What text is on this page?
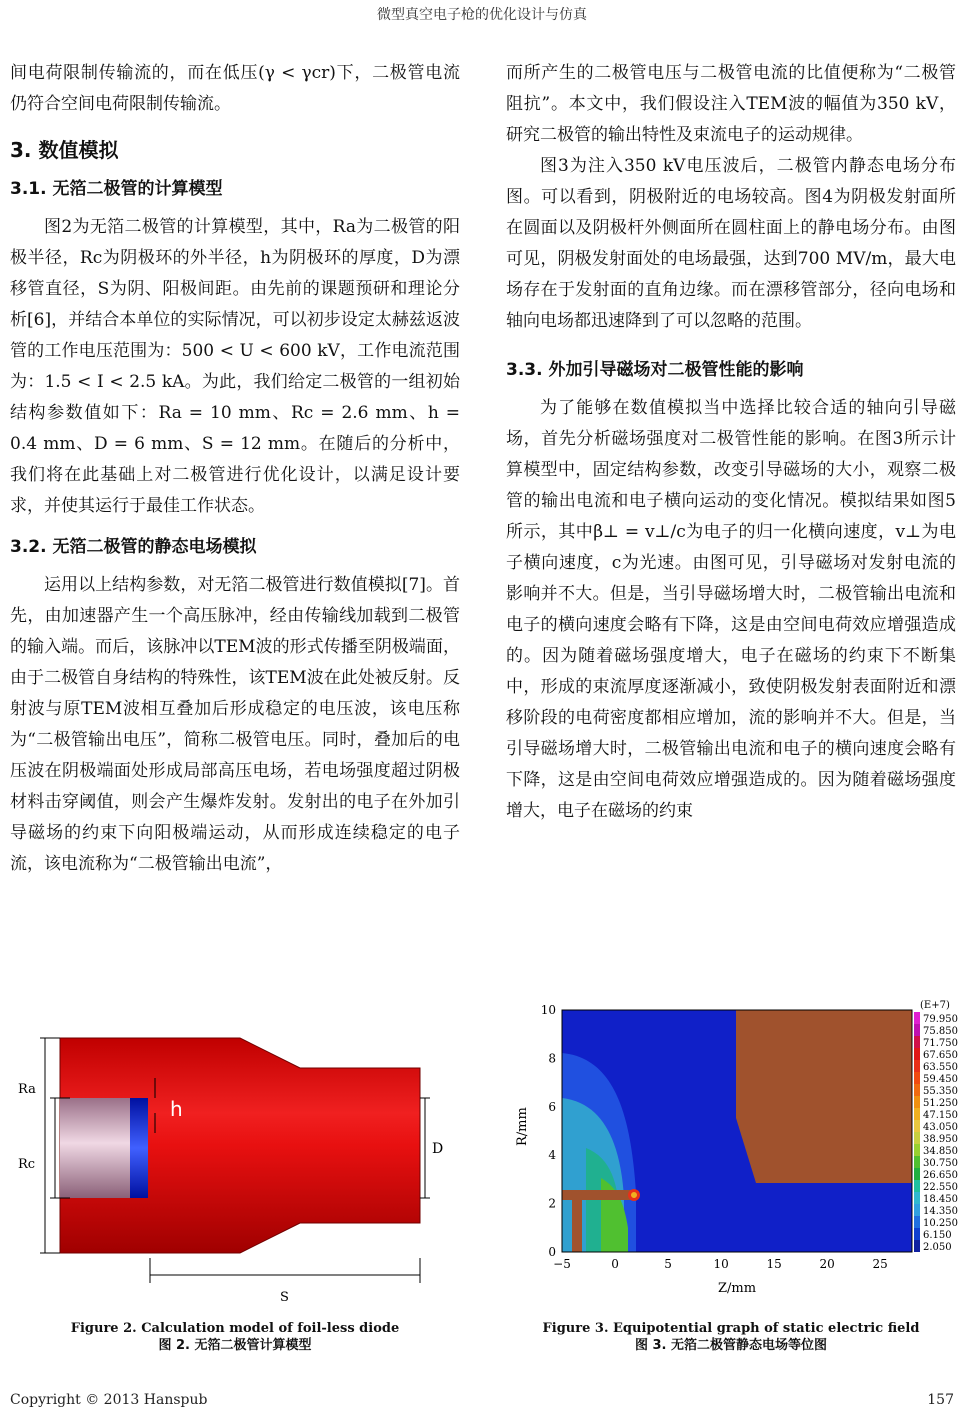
微型真空电子枪的优化设计与仿真

间电荷限制传输流的，而在低压(γ < γcr)下，二极管电流仍符合空间电荷限制传输流。

3. 数值模拟
3.1. 无箔二极管的计算模型

图2为无箔二极管的计算模型，其中，Ra为二极管的阳极半径，Rc为阴极环的外半径，h为阴极环的厚度，D为漂移管直径，S为阴、阳极间距。由先前的课题预研和理论分析[6]，并结合本单位的实际情况，可以初步设定太赫兹返波管的工作电压范围为：500 < U < 600 kV，工作电流范围为：1.5 < I < 2.5 kA。为此，我们给定二极管的一组初始结构参数值如下：Ra = 10 mm、Rc = 2.6 mm、h = 0.4 mm、D = 6 mm、S = 12 mm。在随后的分析中，我们将在此基础上对二极管进行优化设计，以满足设计要求，并使其运行于最佳工作状态。

3.2. 无箔二极管的静态电场模拟

运用以上结构参数，对无箔二极管进行数值模拟[7]。首先，由加速器产生一个高压脉冲，经由传输线加载到二极管的输入端。而后，该脉冲以TEM波的形式传播至阴极端面，由于二极管自身结构的特殊性，该TEM波在此处被反射。反射波与原TEM波相互叠加后形成稳定的电压波，该电压称为“二极管输出电压”，简称二极管电压。同时，叠加后的电压波在阴极端面处形成局部高压电场，若电场强度超过阴极材料击穿阈值，则会产生爆炸发射。发射出的电子在外加引导磁场的约束下向阳极端运动，从而形成连续稳定的电子流，该电流称为“二极管输出电流”，

而所产生的二极管电压与二极管电流的比值便称为“二极管阻抗”。本文中，我们假设注入TEM波的幅值为350 kV，研究二极管的输出特性及束流电子的运动规律。

图3为注入350 kV电压波后，二极管内静态电场分布图。可以看到，阴极附近的电场较高。图4为阴极发射面所在圆面以及阴极杆外侧面所在圆柱面上的静电场分布。由图可见，阴极发射面处的电场最强，达到700 MV/m，最大电场存在于发射面的直角边缘。而在漂移管部分，径向电场和轴向电场都迅速降到了可以忽略的范围。

3.3. 外加引导磁场对二极管性能的影响

为了能够在数值模拟当中选择比较合适的轴向引导磁场，首先分析磁场强度对二极管性能的影响。在图3所示计算模型中，固定结构参数，改变引导磁场的大小，观察二极管的输出电流和电子横向运动的变化情况。模拟结果如图5所示，其中β⊥ = v⊥/c为电子的归一化横向速度，v⊥为电子横向速度，c为光速。由图可见，引导磁场对发射电流的影响并不大。但是，当引导磁场增大时，二极管输出电流和电子的横向速度会略有下降，这是由空间电荷效应增强造成的。因为随着磁场强度增大，电子在磁场的约束下不断集中，形成的束流厚度逐渐减小，致使阴极发射表面附近和漂移阶段的电荷密度都相应增加，流的影响并不大。但是，当引导磁场增大时，二极管输出电流和电子的横向速度会略有下降，这是由空间电荷效应增强造成的。因为随着磁场强度增大，电子在磁场的约束

Ra
Rc
h
D
S
Figure 2. Calculation model of foil-less diode
图 2. 无箔二极管计算模型
R/mm
Z/mm
(E+7)
0
2
4
6
8
10
−5	0	5	10	15	20	25
79.950
75.850
71.750
67.650
63.550
59.450
55.350
51.250
47.150
43.050
38.950
34.850
30.750
26.650
22.550
18.450
14.350
10.250
6.150
2.050
Figure 3. Equipotential graph of static electric field
图 3. 无箔二极管静态电场等位图
Copyright © 2013 Hanspub	157
